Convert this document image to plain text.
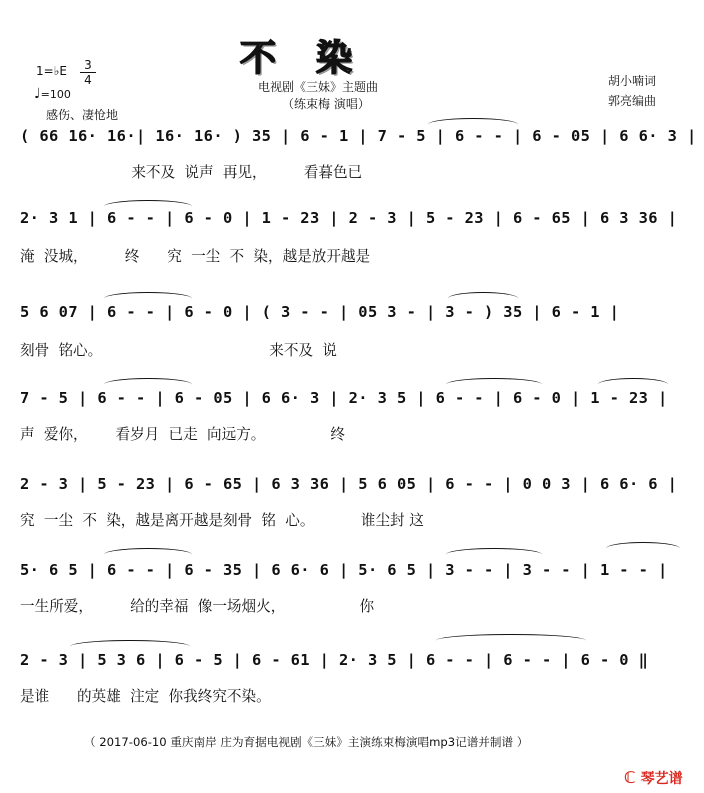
不染
电视剧《三妹》主题曲
（练束梅 演唱）
胡小喃词
郭亮编曲
1=♭E	3
4
♩=100
感伤、凄怆地
( 66 16· 16·| 16· 16· ) 35 | 6 - 1 | 7 - 5 | 6 - - | 6 - 05 | 6 6· 3 |
来不及  说声  再见，        看暮色已
2· 3 1 | 6 - - | 6 - 0 | 1 - 23 | 2 - 3 | 5 - 23 | 6 - 65 | 6 3 36 |
淹  没城，        终      究  一尘  不  染，越是放开越是
5 6 07 | 6 - - | 6 - 0 | ( 3 - - | 05 3 - | 3 - ) 35 | 6 - 1 |
刻骨  铭心。                                    来不及  说
7 - 5 | 6 - - | 6 - 05 | 6 6· 3 | 2· 3 5 | 6 - - | 6 - 0 | 1 - 23 |
声  爱你，      看岁月  已走  向远方。              终
2 - 3 | 5 - 23 | 6 - 65 | 6 3 36 | 5 6 05 | 6 - - | 0 0 3 | 6 6· 6 |
究  一尘  不  染，越是离开越是刻骨  铭  心。          谁尘封 这
5· 6 5 | 6 - - | 6 - 35 | 6 6· 6 | 5· 6 5 | 3 - - | 3 - - | 1 - - |
一生所爱，        给的幸福  像一场烟火，                你
2 - 3 | 5 3 6 | 6 - 5 | 6 - 61 | 2· 3 5 | 6 - - | 6 - - | 6 - 0 ‖
是谁      的英雄  注定  你我终究不染。
（ 2017-06-10 重庆南岸 庄为育据电视剧《三妹》主演练束梅演唱mp3记谱并制谱 ）
ℂ 琴艺谱
